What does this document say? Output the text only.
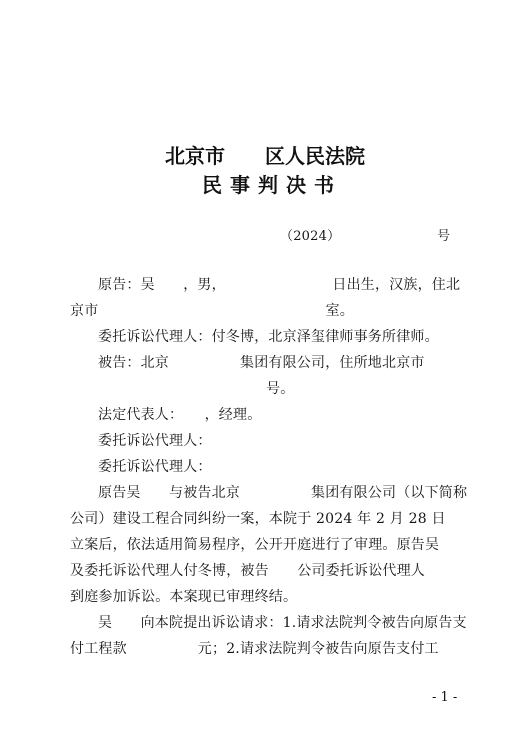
北京市　　区人民法院
民事判决书
（2024）	号
原告：吴　　，男，　　　　　　　　日出生，汉族，住北
京市　　　　　　　　　　　　　　　　室。
委托诉讼代理人：付冬博，北京泽玺律师事务所律师。
被告：北京　　　　　集团有限公司，住所地北京市
号。
法定代表人：　　，经理。
委托诉讼代理人：
委托诉讼代理人：
原告吴　　与被告北京　　　　　集团有限公司（以下简称
公司）建设工程合同纠纷一案，本院于 2024 年 2 月 28 日
立案后，依法适用简易程序，公开开庭进行了审理。原告吴
及委托诉讼代理人付冬博，被告　　公司委托诉讼代理人
到庭参加诉讼。本案现已审理终结。
吴　　向本院提出诉讼请求：1.请求法院判令被告向原告支
付工程款　　　　　元；2.请求法院判令被告向原告支付工
- 1 -
